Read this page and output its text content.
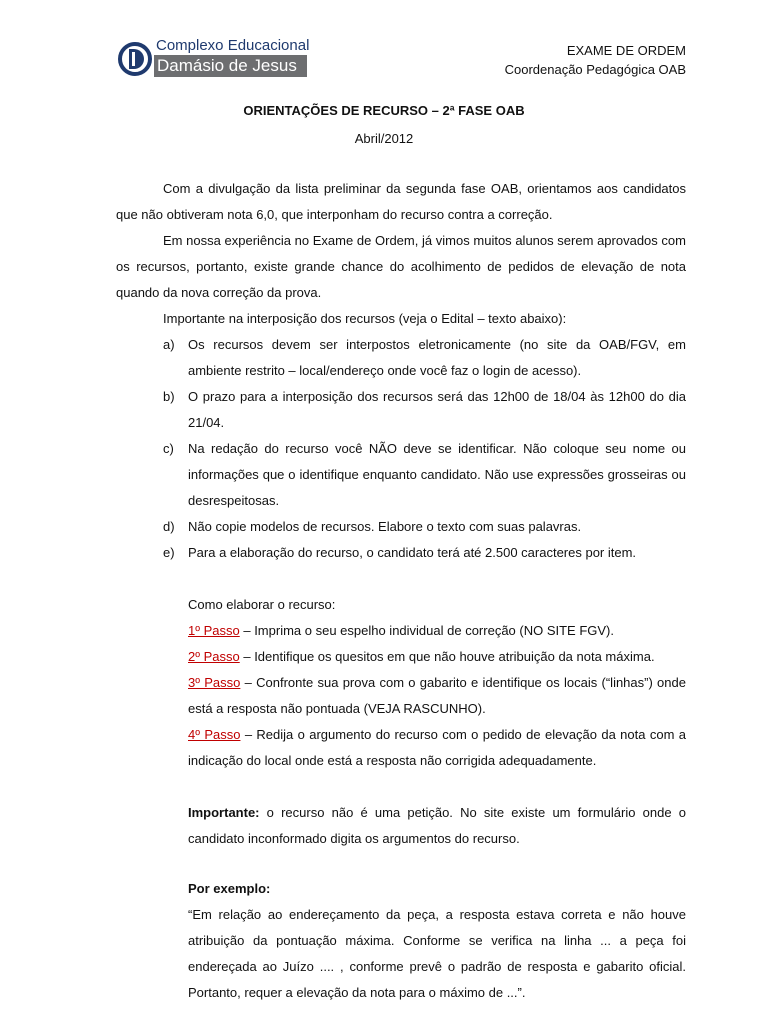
Complexo Educacional
Damásio de Jesus
EXAME DE ORDEM
Coordenação Pedagógica OAB
ORIENTAÇÕES DE RECURSO – 2ª FASE OAB
Abril/2012

Com a divulgação da lista preliminar da segunda fase OAB, orientamos aos candidatos que não obtiveram nota 6,0, que interponham do recurso contra a correção.

Em nossa experiência no Exame de Ordem, já vimos muitos alunos serem aprovados com os recursos, portanto, existe grande chance do acolhimento de pedidos de elevação de nota quando da nova correção da prova.

Importante na interposição dos recursos (veja o Edital – texto abaixo):

a) Os recursos devem ser interpostos eletronicamente (no site da OAB/FGV, em ambiente restrito – local/endereço onde você faz o login de acesso).
b) O prazo para a interposição dos recursos será das 12h00 de 18/04 às 12h00 do dia 21/04.
c) Na redação do recurso você NÃO deve se identificar. Não coloque seu nome ou informações que o identifique enquanto candidato. Não use expressões grosseiras ou desrespeitosas.
d) Não copie modelos de recursos. Elabore o texto com suas palavras.
e) Para a elaboração do recurso, o candidato terá até 2.500 caracteres por item.

Como elaborar o recurso:

1º Passo – Imprima o seu espelho individual de correção (NO SITE FGV).

2º Passo – Identifique os quesitos em que não houve atribuição da nota máxima.

3º Passo – Confronte sua prova com o gabarito e identifique os locais (“linhas”) onde está a resposta não pontuada (VEJA RASCUNHO).

4º Passo – Redija o argumento do recurso com o pedido de elevação da nota com a indicação do local onde está a resposta não corrigida adequadamente.

Importante: o recurso não é uma petição. No site existe um formulário onde o candidato inconformado digita os argumentos do recurso.

Por exemplo:

“Em relação ao endereçamento da peça, a resposta estava correta e não houve atribuição da pontuação máxima. Conforme se verifica na linha ... a peça foi endereçada ao Juízo .... , conforme prevê o padrão de resposta e gabarito oficial. Portanto, requer a elevação da nota para o máximo de ...”.
